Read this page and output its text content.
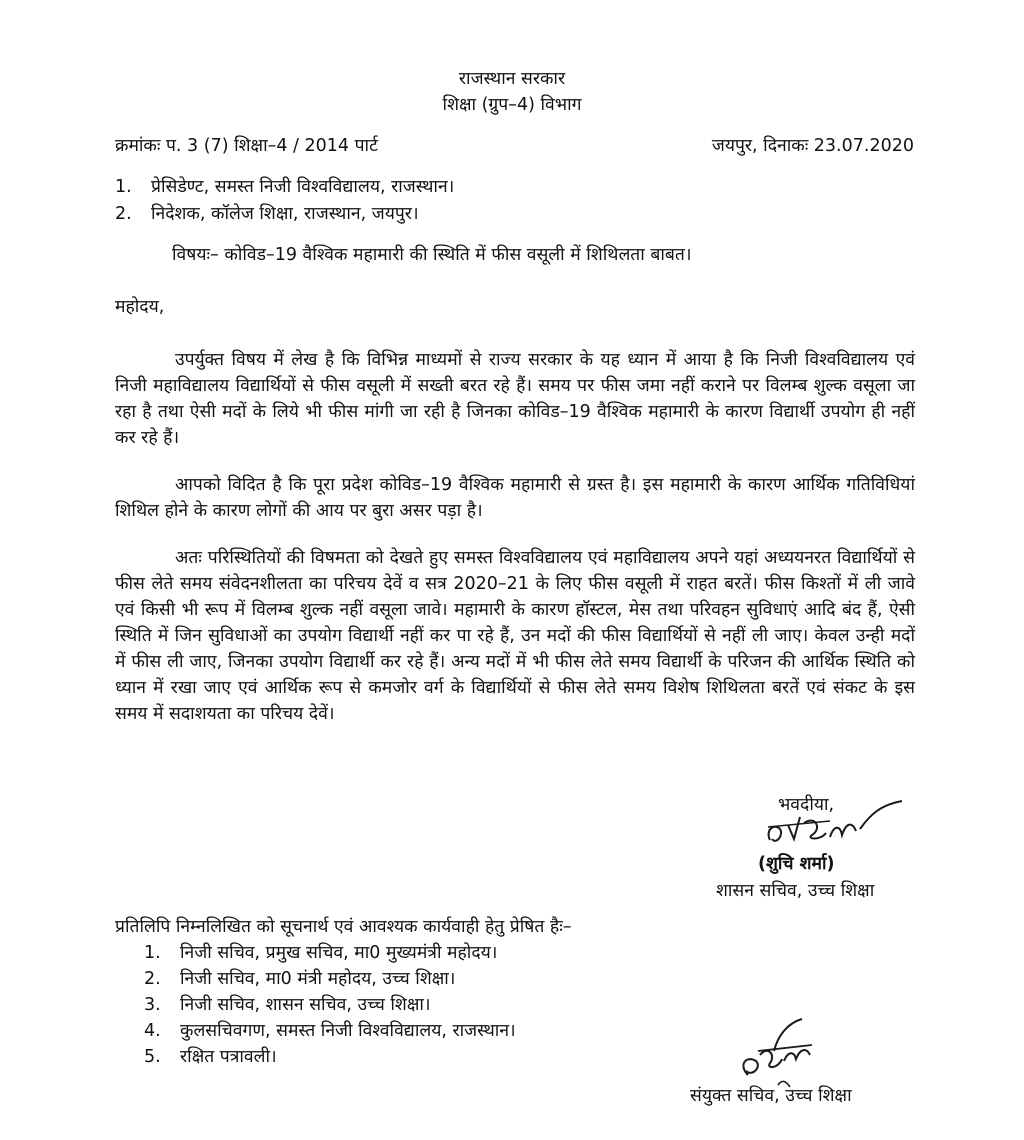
राजस्थान सरकार
शिक्षा (ग्रुप–4) विभाग
क्रमांकः प. 3 (7) शिक्षा–4 / 2014 पार्ट	जयपुर, दिनाकः 23.07.2020
1. प्रेसिडेण्ट, समस्त निजी विश्वविद्यालय, राजस्थान।
2. निदेशक, कॉलेज शिक्षा, राजस्थान, जयपुर।
विषयः– कोविड–19 वैश्विक महामारी की स्थिति में फीस वसूली में शिथिलता बाबत।
महोदय,
उपर्युक्त विषय में लेख है कि विभिन्न माध्यमों से राज्य सरकार के यह ध्यान में आया है कि निजी विश्वविद्यालय एवं निजी महाविद्यालय विद्यार्थियों से फीस वसूली में सख्ती बरत रहे हैं। समय पर फीस जमा नहीं कराने पर विलम्ब शुल्क वसूला जा रहा है तथा ऐसी मदों के लिये भी फीस मांगी जा रही है जिनका कोविड–19 वैश्विक महामारी के कारण विद्यार्थी उपयोग ही नहीं कर रहे हैं।
आपको विदित है कि पूरा प्रदेश कोविड–19 वैश्विक महामारी से ग्रस्त है। इस महामारी के कारण आर्थिक गतिविधियां शिथिल होने के कारण लोगों की आय पर बुरा असर पड़ा है।
अतः परिस्थितियों की विषमता को देखते हुए समस्त विश्वविद्यालय एवं महाविद्यालय अपने यहां अध्ययनरत विद्यार्थियों से फीस लेते समय संवेदनशीलता का परिचय देवें व सत्र 2020–21 के लिए फीस वसूली में राहत बरतें। फीस किश्तों में ली जावे एवं किसी भी रूप में विलम्ब शुल्क नहीं वसूला जावे। महामारी के कारण हॉस्टल, मेस तथा परिवहन सुविधाएं आदि बंद हैं, ऐसी स्थिति में जिन सुविधाओं का उपयोग विद्यार्थी नहीं कर पा रहे हैं, उन मदों की फीस विद्यार्थियों से नहीं ली जाए। केवल उन्ही मदों में फीस ली जाए, जिनका उपयोग विद्यार्थी कर रहे हैं। अन्य मदों में भी फीस लेते समय विद्यार्थी के परिजन की आर्थिक स्थिति को ध्यान में रखा जाए एवं आर्थिक रूप से कमजोर वर्ग के विद्यार्थियों से फीस लेते समय विशेष शिथिलता बरतें एवं संकट के इस समय में सदाशयता का परिचय देवें।
भवदीया,
(शुचि शर्मा)
शासन सचिव, उच्च शिक्षा
प्रतिलिपि निम्नलिखित को सूचनार्थ एवं आवश्यक कार्यवाही हेतु प्रेषित हैः–
1. निजी सचिव, प्रमुख सचिव, मा0 मुख्यमंत्री महोदय।
2. निजी सचिव, मा0 मंत्री महोदय, उच्च शिक्षा।
3. निजी सचिव, शासन सचिव, उच्च शिक्षा।
4. कुलसचिवगण, समस्त निजी विश्वविद्यालय, राजस्थान।
5. रक्षित पत्रावली।
संयुक्त सचिव, उच्च शिक्षा
